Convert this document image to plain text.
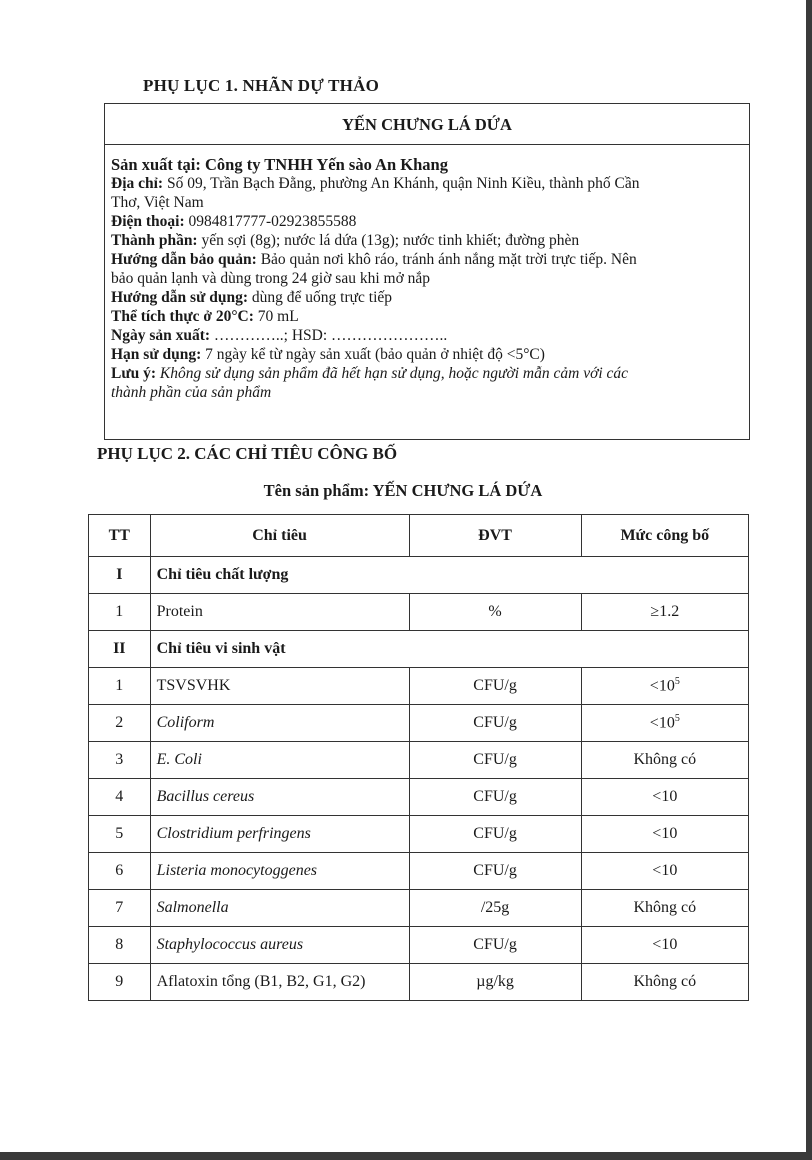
PHỤ LỤC 1. NHÃN DỰ THẢO
YẾN CHƯNG LÁ DỨA
Sản xuất tại: Công ty TNHH Yến sào An Khang
Địa chỉ: Số 09, Trần Bạch Đằng, phường An Khánh, quận Ninh Kiều, thành phố Cần
Thơ, Việt Nam
Điện thoại: 0984817777-02923855588
Thành phần: yến sợi (8g); nước lá dứa (13g); nước tinh khiết; đường phèn
Hướng dẫn bảo quản: Bảo quản nơi khô ráo, tránh ánh nắng mặt trời trực tiếp. Nên
bảo quản lạnh và dùng trong 24 giờ sau khi mở nắp
Hướng dẫn sử dụng: dùng để uống trực tiếp
Thể tích thực ở 20°C: 70 mL
Ngày sản xuất: …………..; HSD: …………………..
Hạn sử dụng: 7 ngày kể từ ngày sản xuất (bảo quản ở nhiệt độ <5°C)
Lưu ý: Không sử dụng sản phẩm đã hết hạn sử dụng, hoặc người mẫn cảm với các
thành phần của sản phẩm
PHỤ LỤC 2. CÁC CHỈ TIÊU CÔNG BỐ
Tên sản phẩm: YẾN CHƯNG LÁ DỨA
TT	Chỉ tiêu	ĐVT	Mức công bố
I	Chỉ tiêu chất lượng		
1	Protein	%	≥1.2
II	Chỉ tiêu vi sinh vật		
1	TSVSVHK	CFU/g	$<10^5$
2	Coliform	CFU/g	$<10^5$
3	E. Coli	CFU/g	Không có
4	Bacillus cereus	CFU/g	<10
5	Clostridium perfringens	CFU/g	<10
6	Listeria monocytoggenes	CFU/g	<10
7	Salmonella	/25g	Không có
8	Staphylococcus aureus	CFU/g	<10
9	Aflatoxin tổng (B1, B2, G1, G2)	µg/kg	Không có
